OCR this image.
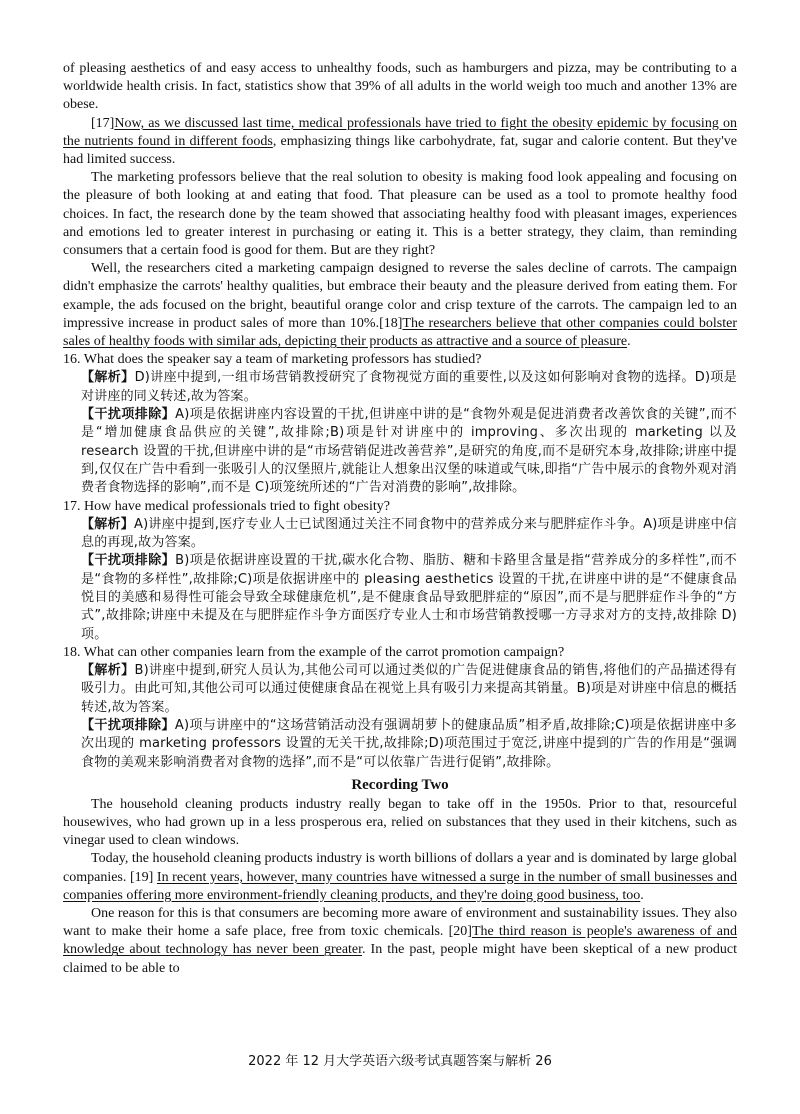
of pleasing aesthetics of and easy access to unhealthy foods, such as hamburgers and pizza, may be contributing to a worldwide health crisis. In fact, statistics show that 39% of all adults in the world weigh too much and another 13% are obese.

[17]Now, as we discussed last time, medical professionals have tried to fight the obesity epidemic by focusing on the nutrients found in different foods, emphasizing things like carbohydrate, fat, sugar and calorie content. But they've had limited success.

The marketing professors believe that the real solution to obesity is making food look appealing and focusing on the pleasure of both looking at and eating that food. That pleasure can be used as a tool to promote healthy food choices. In fact, the research done by the team showed that associating healthy food with pleasant images, experiences and emotions led to greater interest in purchasing or eating it. This is a better strategy, they claim, than reminding consumers that a certain food is good for them. But are they right?

Well, the researchers cited a marketing campaign designed to reverse the sales decline of carrots. The campaign didn't emphasize the carrots' healthy qualities, but embrace their beauty and the pleasure derived from eating them. For example, the ads focused on the bright, beautiful orange color and crisp texture of the carrots. The campaign led to an impressive increase in product sales of more than 10%.[18]The researchers believe that other companies could bolster sales of healthy foods with similar ads, depicting their products as attractive and a source of pleasure.

16. What does the speaker say a team of marketing professors has studied?

【解析】D)讲座中提到,一组市场营销教授研究了食物视觉方面的重要性,以及这如何影响对食物的选择。D)项是对讲座的同义转述,故为答案。

【干扰项排除】A)项是依据讲座内容设置的干扰,但讲座中讲的是“食物外观是促进消费者改善饮食的关键”,而不是“增加健康食品供应的关键”,故排除;B)项是针对讲座中的 improving、多次出现的 marketing 以及 research 设置的干扰,但讲座中讲的是“市场营销促进改善营养”,是研究的角度,而不是研究本身,故排除;讲座中提到,仅仅在广告中看到一张吸引人的汉堡照片,就能让人想象出汉堡的味道或气味,即指“广告中展示的食物外观对消费者食物选择的影响”,而不是 C)项笼统所述的“广告对消费的影响”,故排除。

17. How have medical professionals tried to fight obesity?

【解析】A)讲座中提到,医疗专业人士已试图通过关注不同食物中的营养成分来与肥胖症作斗争。A)项是讲座中信息的再现,故为答案。

【干扰项排除】B)项是依据讲座设置的干扰,碳水化合物、脂肪、糖和卡路里含量是指“营养成分的多样性”,而不是“食物的多样性”,故排除;C)项是依据讲座中的 pleasing aesthetics 设置的干扰,在讲座中讲的是“不健康食品悦目的美感和易得性可能会导致全球健康危机”,是不健康食品导致肥胖症的“原因”,而不是与肥胖症作斗争的“方式”,故排除;讲座中未提及在与肥胖症作斗争方面医疗专业人士和市场营销教授哪一方寻求对方的支持,故排除 D)项。

18. What can other companies learn from the example of the carrot promotion campaign?

【解析】B)讲座中提到,研究人员认为,其他公司可以通过类似的广告促进健康食品的销售,将他们的产品描述得有吸引力。由此可知,其他公司可以通过使健康食品在视觉上具有吸引力来提高其销量。B)项是对讲座中信息的概括转述,故为答案。

【干扰项排除】A)项与讲座中的“这场营销活动没有强调胡萝卜的健康品质”相矛盾,故排除;C)项是依据讲座中多次出现的 marketing professors 设置的无关干扰,故排除;D)项范围过于宽泛,讲座中提到的广告的作用是“强调食物的美观来影响消费者对食物的选择”,而不是“可以依靠广告进行促销”,故排除。

Recording Two

The household cleaning products industry really began to take off in the 1950s. Prior to that, resourceful housewives, who had grown up in a less prosperous era, relied on substances that they used in their kitchens, such as vinegar used to clean windows.

Today, the household cleaning products industry is worth billions of dollars a year and is dominated by large global companies. [19] In recent years, however, many countries have witnessed a surge in the number of small businesses and companies offering more environment-friendly cleaning products, and they're doing good business, too.

One reason for this is that consumers are becoming more aware of environment and sustainability issues. They also want to make their home a safe place, free from toxic chemicals. [20]The third reason is people's awareness of and knowledge about technology has never been greater. In the past, people might have been skeptical of a new product claimed to be able to

2022 年 12 月大学英语六级考试真题答案与解析 26
